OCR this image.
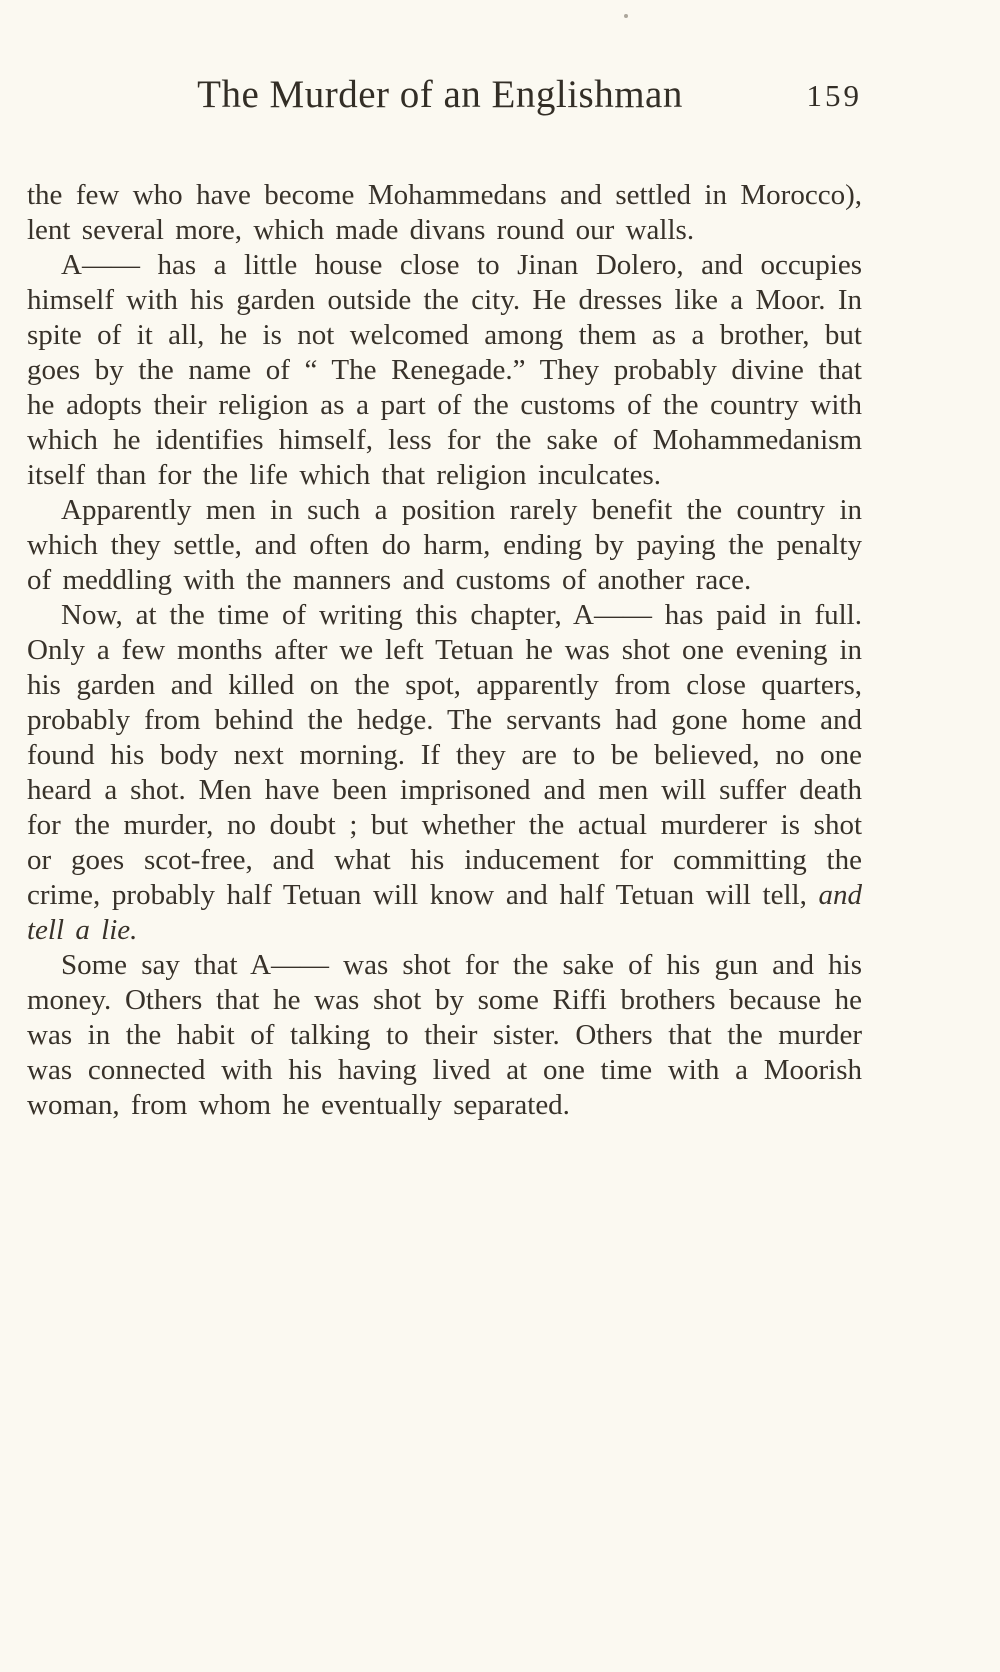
The Murder of an Englishman	159

the few who have become Mohammedans and settled in Morocco), lent several more, which made divans round our walls.

A—— has a little house close to Jinan Dolero, and occupies himself with his garden outside the city. He dresses like a Moor. In spite of it all, he is not welcomed among them as a brother, but goes by the name of “ The Renegade.” They probably divine that he adopts their religion as a part of the customs of the country with which he identifies himself, less for the sake of Mohammedanism itself than for the life which that religion inculcates.

Apparently men in such a position rarely benefit the country in which they settle, and often do harm, ending by paying the penalty of meddling with the manners and customs of another race.

Now, at the time of writing this chapter, A—— has paid in full. Only a few months after we left Tetuan he was shot one evening in his garden and killed on the spot, apparently from close quarters, probably from behind the hedge. The servants had gone home and found his body next morning. If they are to be believed, no one heard a shot. Men have been imprisoned and men will suffer death for the murder, no doubt ; but whether the actual murderer is shot or goes scot-free, and what his inducement for committing the crime, probably half Tetuan will know and half Tetuan will tell, and tell a lie.

Some say that A—— was shot for the sake of his gun and his money. Others that he was shot by some Riffi brothers because he was in the habit of talking to their sister. Others that the murder was connected with his having lived at one time with a Moorish woman, from whom he eventually separated.
